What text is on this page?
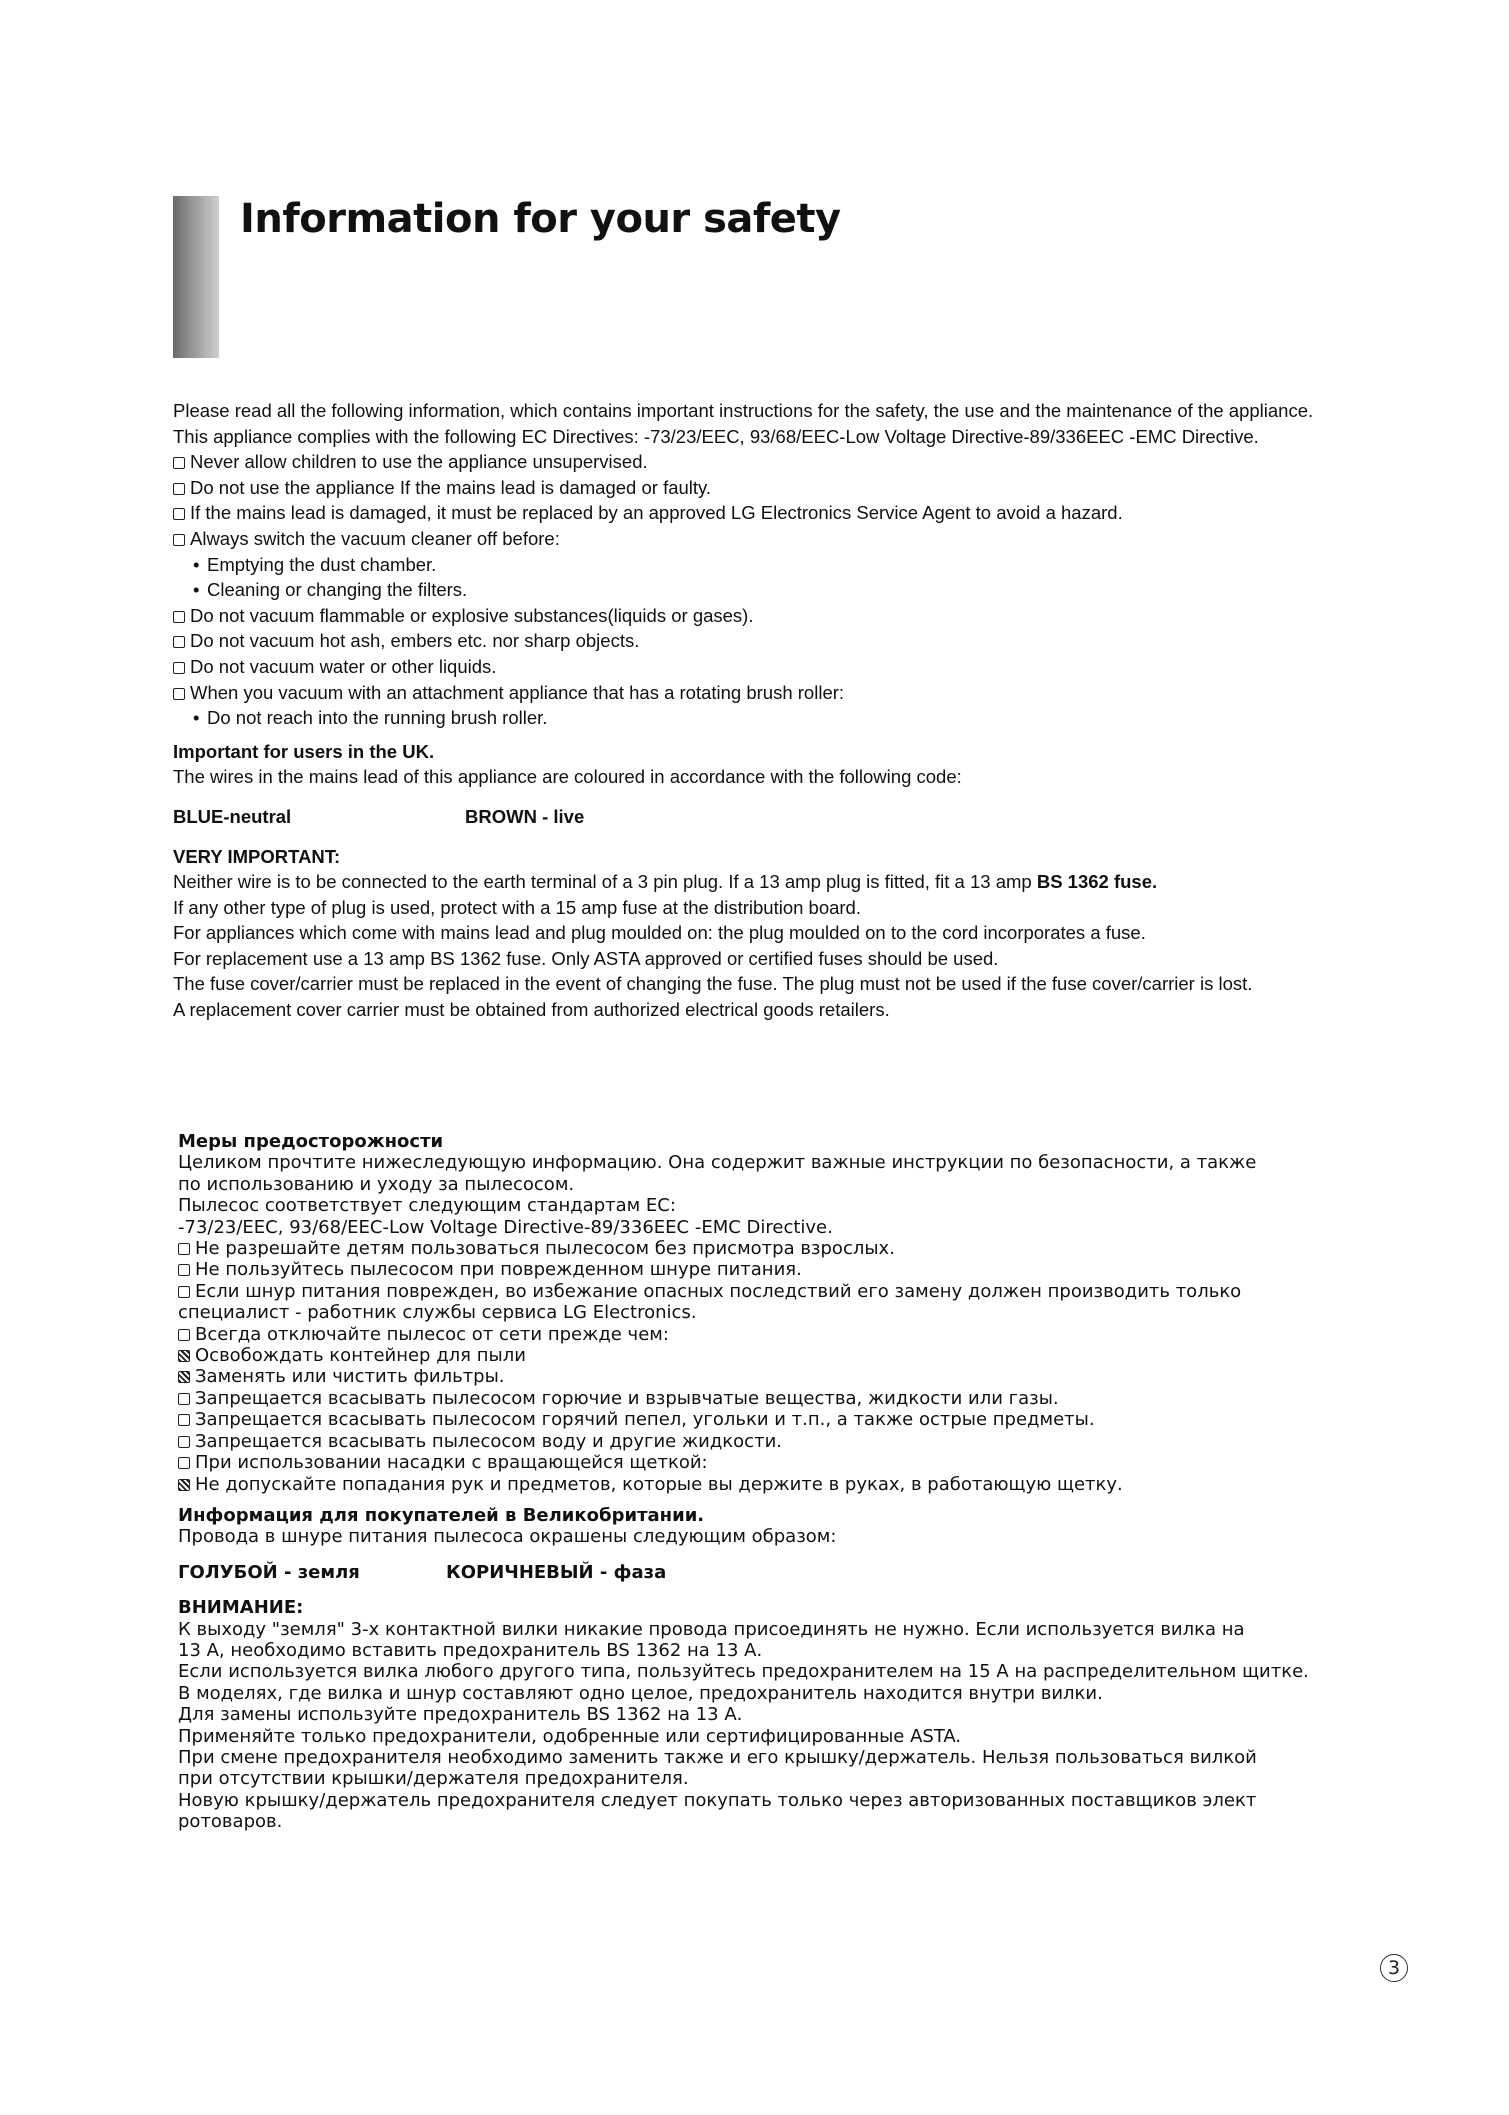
Information for your safety
Please read all the following information, which contains important instructions for the safety, the use and the maintenance of the appliance.
This appliance complies with the following EC Directives: -73/23/EEC, 93/68/EEC-Low Voltage Directive-89/336EEC -EMC Directive.
Never allow children to use the appliance unsupervised.
Do not use the appliance If the mains lead is damaged or faulty.
If the mains lead is damaged, it must be replaced by an approved LG Electronics Service Agent to avoid a hazard.
Always switch the vacuum cleaner off before:
• Emptying the dust chamber.
• Cleaning or changing the filters.
Do not vacuum flammable or explosive substances(liquids or gases).
Do not vacuum hot ash, embers etc. nor sharp objects.
Do not vacuum water or other liquids.
When you vacuum with an attachment appliance that has a rotating brush roller:
• Do not reach into the running brush roller.
Important for users in the UK.
The wires in the mains lead of this appliance are coloured in accordance with the following code:
BLUE-neutral	BROWN - live
VERY IMPORTANT:
Neither wire is to be connected to the earth terminal of a 3 pin plug. If a 13 amp plug is fitted, fit a 13 amp BS 1362 fuse.
If any other type of plug is used, protect with a 15 amp fuse at the distribution board.
For appliances which come with mains lead and plug moulded on: the plug moulded on to the cord incorporates a fuse.
For replacement use a 13 amp BS 1362 fuse. Only ASTA approved or certified fuses should be used.
The fuse cover/carrier must be replaced in the event of changing the fuse. The plug must not be used if the fuse cover/carrier is lost.
A replacement cover carrier must be obtained from authorized electrical goods retailers.
Меры предосторожности
Целиком прочтите нижеследующую информацию. Она содержит важные инструкции по безопасности, а также
по использованию и уходу за пылесосом.
Пылесос соответствует следующим стандартам ЕС:
-73/23/EEC, 93/68/EEC-Low Voltage Directive-89/336EEC -EMC Directive.
Не разрешайте детям пользоваться пылесосом без присмотра взрослых.
Не пользуйтесь пылесосом при поврежденном шнуре питания.
Если шнур питания поврежден, во избежание опасных последствий его замену должен производить только
специалист - работник службы сервиса LG Electronics.
Всегда отключайте пылесос от сети прежде чем:
Освобождать контейнер для пыли
Заменять или чистить фильтры.
Запрещается всасывать пылесосом горючие и взрывчатые вещества, жидкости или газы.
Запрещается всасывать пылесосом горячий пепел, угольки и т.п., а также острые предметы.
Запрещается всасывать пылесосом воду и другие жидкости.
При использовании насадки с вращающейся щеткой:
Не допускайте попадания рук и предметов, которые вы держите в руках, в работающую щетку.
Информация для покупателей в Великобритании.
Провода в шнуре питания пылесоса окрашены следующим образом:
ГОЛУБОЙ - земля	КОРИЧНЕВЫЙ - фаза
ВНИМАНИЕ:
К выходу "земля" 3-х контактной вилки никакие провода присоединять не нужно. Если используется вилка на
13 А, необходимо вставить предохранитель BS 1362 на 13 А.
Если используется вилка любого другого типа, пользуйтесь предохранителем на 15 А на распределительном щитке.
В моделях, где вилка и шнур составляют одно целое, предохранитель находится внутри вилки.
Для замены используйте предохранитель BS 1362 на 13 А.
Применяйте только предохранители, одобренные или сертифицированные ASTA.
При смене предохранителя необходимо заменить также и его крышку/держатель. Нельзя пользоваться вилкой
при отсутствии крышки/держателя предохранителя.
Новую крышку/держатель предохранителя следует покупать только через авторизованных поставщиков элект
ротоваров.
3
